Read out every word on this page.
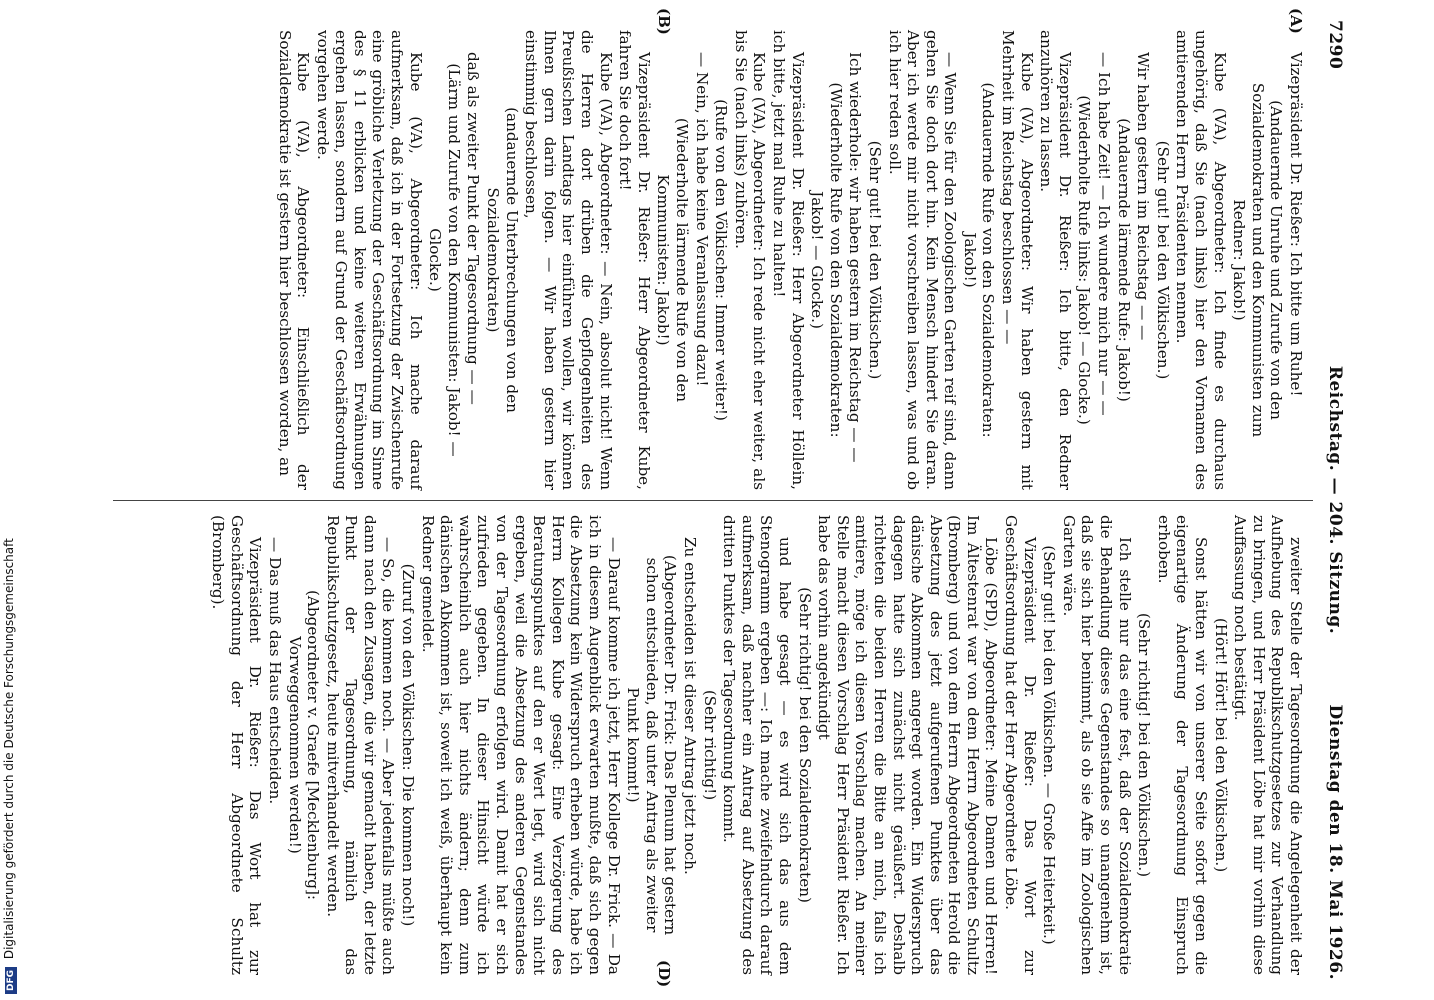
7290
Reichstag. — 204. Sitzung.
Dienstag den 18. Mai 1926.
(A)
(B)
(D)

Vizepräsident Dr. Rießer: Ich bitte um Ruhe!

(Andauernde Unruhe und Zurufe von den Sozialdemokraten und den Kommunisten zum Redner: Jakob!)

Kube (VA), Abgeordneter: Ich finde es durchaus ungehörig, daß Sie (nach links) hier den Vornamen des amtierenden Herrn Präsidenten nennen.

(Sehr gut! bei den Völkischen.)

Wir haben gestern im Reichstag — —

(Andauernde lärmende Rufe: Jakob!)

— Ich habe Zeit! — Ich wundere mich nur — —

(Wiederholte Rufe links: Jakob! — Glocke.)

Vizepräsident Dr. Rießer: Ich bitte, den Redner anzuhören zu lassen.

Kube (VA), Abgeordneter: Wir haben gestern mit Mehrheit im Reichstag beschlossen — —

(Andauernde Rufe von den Sozialdemokraten: Jakob!)

— Wenn Sie für den Zoologischen Garten reif sind, dann gehen Sie doch dort hin. Kein Mensch hindert Sie daran. Aber ich werde mir nicht vorschreiben lassen, was und ob ich hier reden soll.

(Sehr gut! bei den Völkischen.)

Ich wiederhole: wir haben gestern im Reichstag — —

(Wiederholte Rufe von den Sozialdemokraten: Jakob! — Glocke.)

Vizepräsident Dr. Rießer: Herr Abgeordneter Höllein, ich bitte, jetzt mal Ruhe zu halten!

Kube (VA), Abgeordneter: Ich rede nicht eher weiter, als bis Sie (nach links) zuhören.

(Rufe von den Völkischen: Immer weiter!)

— Nein, ich habe keine Veranlassung dazu!

(Wiederholte lärmende Rufe von den Kommunisten: Jakob!)

Vizepräsident Dr. Rießer: Herr Abgeordneter Kube, fahren Sie doch fort!

Kube (VA), Abgeordneter: — Nein, absolut nicht! Wenn die Herren dort drüben die Gepflogenheiten des Preußischen Landtags hier einführen wollen, wir können Ihnen gern darin folgen. — Wir haben gestern hier einstimmig beschlossen,

(andauernde Unterbrechungen von den Sozialdemokraten)

daß als zweiter Punkt der Tagesordnung — —

(Lärm und Zurufe von den Kommunisten: Jakob! — Glocke.)

Kube (VA), Abgeordneter: Ich mache darauf aufmerksam, daß ich in der Fortsetzung der Zwischenrufe eine gröbliche Verletzung der Geschäftsordnung im Sinne des § 11 erblicken und keine weiteren Erwähnungen ergehen lassen, sondern auf Grund der Geschäftsordnung vorgehen werde.

Kube (VA), Abgeordneter: Einschließlich der Sozialdemokratie ist gestern hier beschlossen worden, an

zweiter Stelle der Tagesordnung die Angelegenheit der Aufhebung des Republikschutzgesetzes zur Verhandlung zu bringen, und Herr Präsident Löbe hat mir vorhin diese Auffassung noch bestätigt.

(Hört! Hört! bei den Völkischen.)

Sonst hätten wir von unserer Seite sofort gegen die eigenartige Änderung der Tagesordnung Einspruch erhoben.

(Sehr richtig! bei den Völkischen.)

Ich stelle nur das eine fest, daß der Sozialdemokratie die Behandlung dieses Gegenstandes so unangenehm ist, daß sie sich hier benimmt, als ob sie Affe im Zoologischen Garten wäre.

(Sehr gut! bei den Völkischen. — Große Heiterkeit.)

Vizepräsident Dr. Rießer: Das Wort zur Geschäftsordnung hat der Herr Abgeordnete Löbe.

Löbe (SPD), Abgeordneter: Meine Damen und Herren! Im Ältestenrat war von dem Herrn Abgeordneten Schultz (Bromberg) und von dem Herrn Abgeordneten Herold die Absetzung des jetzt aufgerufenen Punktes über das dänische Abkommen angeregt worden. Ein Widerspruch dagegen hatte sich zunächst nicht geäußert. Deshalb richteten die beiden Herren die Bitte an mich, falls ich amtiere, möge ich diesen Vorschlag machen. An meiner Stelle macht diesen Vorschlag Herr Präsident Rießer. Ich habe das vorhin angekündigt

(Sehr richtig! bei den Sozialdemokraten)

und habe gesagt — es wird sich das aus dem Stenogramm ergeben —: Ich mache zweifelndurch darauf aufmerksam, daß nachher ein Antrag auf Absetzung des dritten Punktes der Tagesordnung kommt.

(Sehr richtig!)

Zu entscheiden ist dieser Antrag jetzt noch.

(Abgeordneter Dr. Frick: Das Plenum hat gestern schon entschieden, daß unter Antrag als zweiter Punkt kommt!)

— Darauf komme ich jetzt, Herr Kollege Dr. Frick. — Da ich in diesem Augenblick erwarten mußte, daß sich gegen die Absetzung kein Widerspruch erheben würde, habe ich Herrn Kollegen Kube gesagt: Eine Verzögerung des Beratungspunktes auf den er Wert legt, wird sich nicht ergeben, weil die Absetzung des anderen Gegenstandes von der Tagesordnung erfolgen wird. Damit hat er sich zufrieden gegeben. In dieser Hinsicht würde ich wahrscheinlich auch hier nichts ändern; denn zum dänischen Abkommen ist, soweit ich weiß, überhaupt kein Redner gemeldet.

(Zuruf von den Völkischen: Die kommen noch!)

— So, die kommen noch. — Aber jedenfalls müßte auch dann nach den Zusagen, die wir gemacht haben, der letzte Punkt der Tagesordnung, nämlich das Republikschutzgesetz, heute mitverhandelt werden.

(Abgeordneter v. Graefe [Mecklenburg]: Vorweggenommen werden!)

— Das muß das Haus entscheiden.

Vizepräsident Dr. Rießer: Das Wort hat zur Geschäftsordnung der Herr Abgeordnete Schultz (Bromberg).

DFG Digitalisierung gefördert durch die Deutsche Forschungsgemeinschaft
